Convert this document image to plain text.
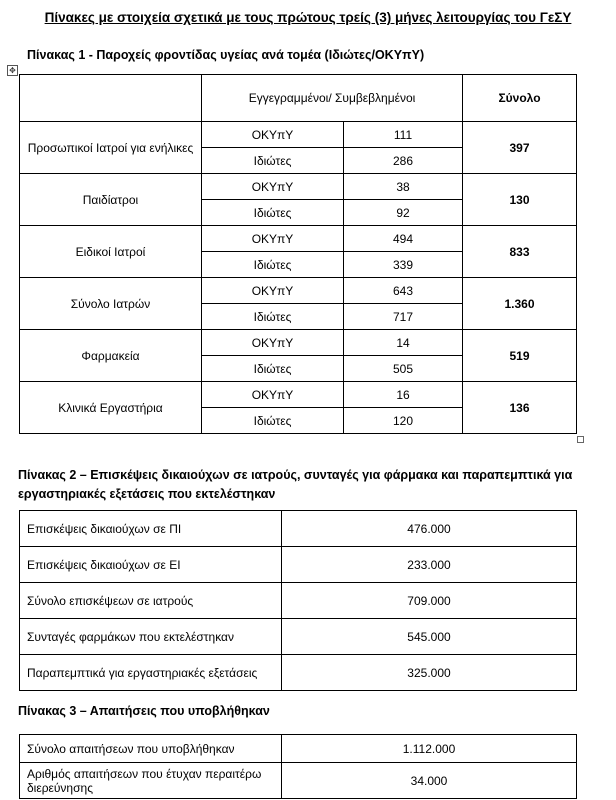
Πίνακες με στοιχεία σχετικά με τους πρώτους τρείς (3) μήνες λειτουργίας του ΓεΣΥ
Πίνακας 1 - Παροχείς φροντίδας υγείας ανά τομέα (Ιδιώτες/ΟΚΥπΥ)
✥
	Εγγεγραμμένοι/ Συμβεβλημένοι		Σύνολο
Προσωπικοί Ιατροί για ενήλικες	ΟΚΥπΥ	111	397
	Ιδιώτες	286	
Παιδίατροι	ΟΚΥπΥ	38	130
	Ιδιώτες	92	
Ειδικοί Ιατροί	ΟΚΥπΥ	494	833
	Ιδιώτες	339	
Σύνολο Ιατρών	ΟΚΥπΥ	643	1.360
	Ιδιώτες	717	
Φαρμακεία	ΟΚΥπΥ	14	519
	Ιδιώτες	505	
Κλινικά Εργαστήρια	ΟΚΥπΥ	16	136
	Ιδιώτες	120	
Πίνακας 2 – Επισκέψεις δικαιούχων σε ιατρούς, συνταγές για φάρμακα και παραπεμπτικά για εργαστηριακές εξετάσεις που εκτελέστηκαν
Επισκέψεις δικαιούχων σε ΠΙ	476.000
Επισκέψεις δικαιούχων σε ΕΙ	233.000
Σύνολο επισκέψεων σε ιατρούς	709.000
Συνταγές φαρμάκων που εκτελέστηκαν	545.000
Παραπεμπτικά για εργαστηριακές εξετάσεις	325.000
Πίνακας 3 – Απαιτήσεις που υποβλήθηκαν
Σύνολο απαιτήσεων που υποβλήθηκαν	1.112.000
Αριθμός απαιτήσεων που έτυχαν περαιτέρω διερεύνησης	34.000
